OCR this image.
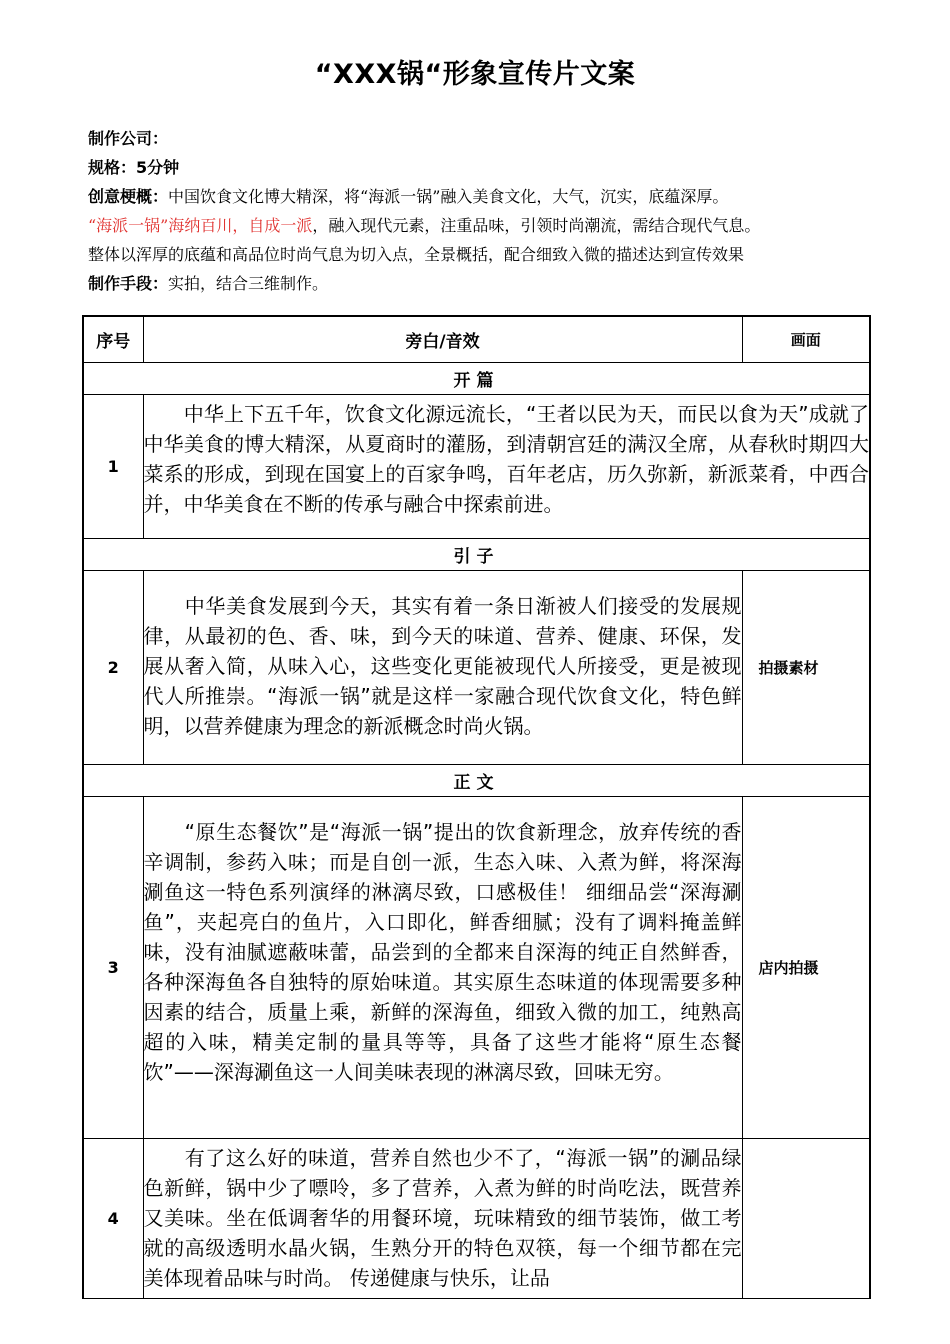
“XXX锅“形象宣传片文案

制作公司：

规格：5分钟

创意梗概：中国饮食文化博大精深，将“海派一锅”融入美食文化，大气，沉实，底蕴深厚。

“海派一锅”海纳百川，自成一派，融入现代元素，注重品味，引领时尚潮流，需结合现代气息。

整体以浑厚的底蕴和高品位时尚气息为切入点，全景概括，配合细致入微的描述达到宣传效果

制作手段：实拍，结合三维制作。

序号	旁白/音效	画面
开篇		
1	　　中华上下五千年，饮食文化源远流长，“王者以民为天，而民以食为天”成就了中华美食的博大精深，从夏商时的灌肠，到清朝宫廷的满汉全席，从春秋时期四大菜系的形成，到现在国宴上的百家争鸣，百年老店，历久弥新，新派菜肴，中西合并，中华美食在不断的传承与融合中探索前进。	
引子		
2	　　中华美食发展到今天，其实有着一条日渐被人们接受的发展规律，从最初的色、香、味，到今天的味道、营养、健康、环保，发展从奢入简，从味入心，这些变化更能被现代人所接受，更是被现代人所推崇。“海派一锅”就是这样一家融合现代饮食文化，特色鲜明，以营养健康为理念的新派概念时尚火锅。	拍摄素材
正文		
3	　　“原生态餐饮”是“海派一锅”提出的饮食新理念，放弃传统的香辛调制，参药入味；而是自创一派，生态入味、入煮为鲜，将深海涮鱼这一特色系列演绎的淋漓尽致，口感极佳！ 细细品尝“深海涮鱼”，夹起亮白的鱼片，入口即化，鲜香细腻；没有了调料掩盖鲜味，没有油腻遮蔽味蕾，品尝到的全都来自深海的纯正自然鲜香，各种深海鱼各自独特的原始味道。其实原生态味道的体现需要多种因素的结合，质量上乘，新鲜的深海鱼，细致入微的加工，纯熟高超的入味，精美定制的量具等等，具备了这些才能将“原生态餐饮”——深海涮鱼这一人间美味表现的淋漓尽致，回味无穷。	店内拍摄
4	　　有了这么好的味道，营养自然也少不了，“海派一锅”的涮品绿色新鲜，锅中少了嘌呤，多了营养，入煮为鲜的时尚吃法，既营养又美味。坐在低调奢华的用餐环境，玩味精致的细节装饰，做工考就的高级透明水晶火锅，生熟分开的特色双筷，每一个细节都在完美体现着品味与时尚。 传递健康与快乐，让品	
